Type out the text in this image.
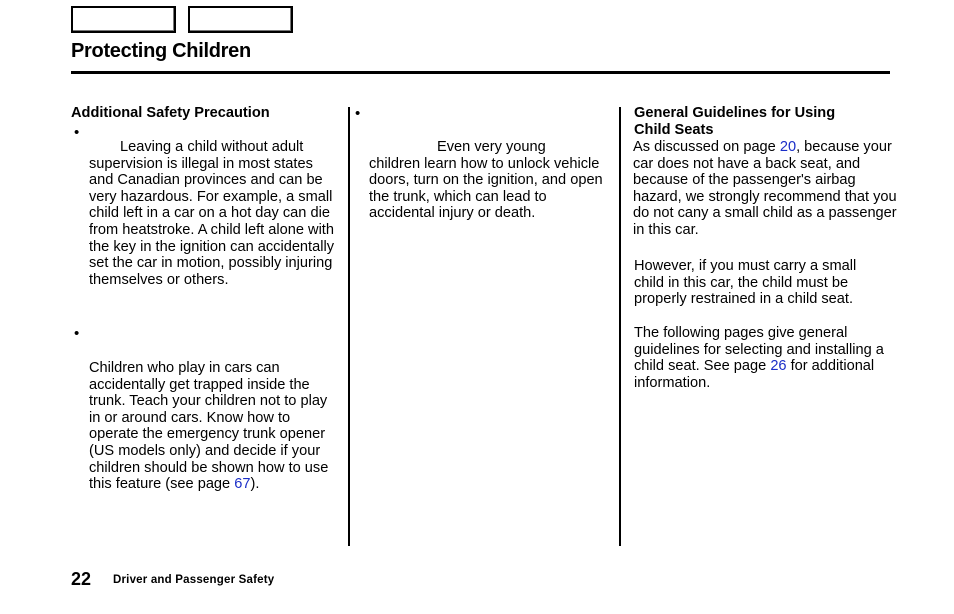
Protecting Children
Additional Safety Precaution
•
Leaving a child without adult
supervision is illegal in most states and Canadian provinces and can be very hazardous. For example, a small child left in a car on a hot day can die from heatstroke. A child left alone with the key in the ignition can accidentally set the car in motion, possibly injuring themselves or others.
•
Children who play in cars can accidentally get trapped inside the trunk. Teach your children not to play in or around cars. Know how to operate the emergency trunk opener (US models only) and decide if your children should be shown how to use this feature (see page 67).
•
Even very young
children learn how to unlock vehicle doors, turn on the ignition, and open the trunk, which can lead to accidental injury or death.
General Guidelines for Using Child Seats
As discussed on page 20, because your car does not have a back seat, and because of the passenger's airbag hazard, we strongly recommend that you do not cany a small child as a passenger in this car.
However, if you must carry a small child in this car, the child must be properly restrained in a child seat.
The following pages give general guidelines for selecting and installing a child seat. See page 26 for additional information.
22 Driver and Passenger Safety
